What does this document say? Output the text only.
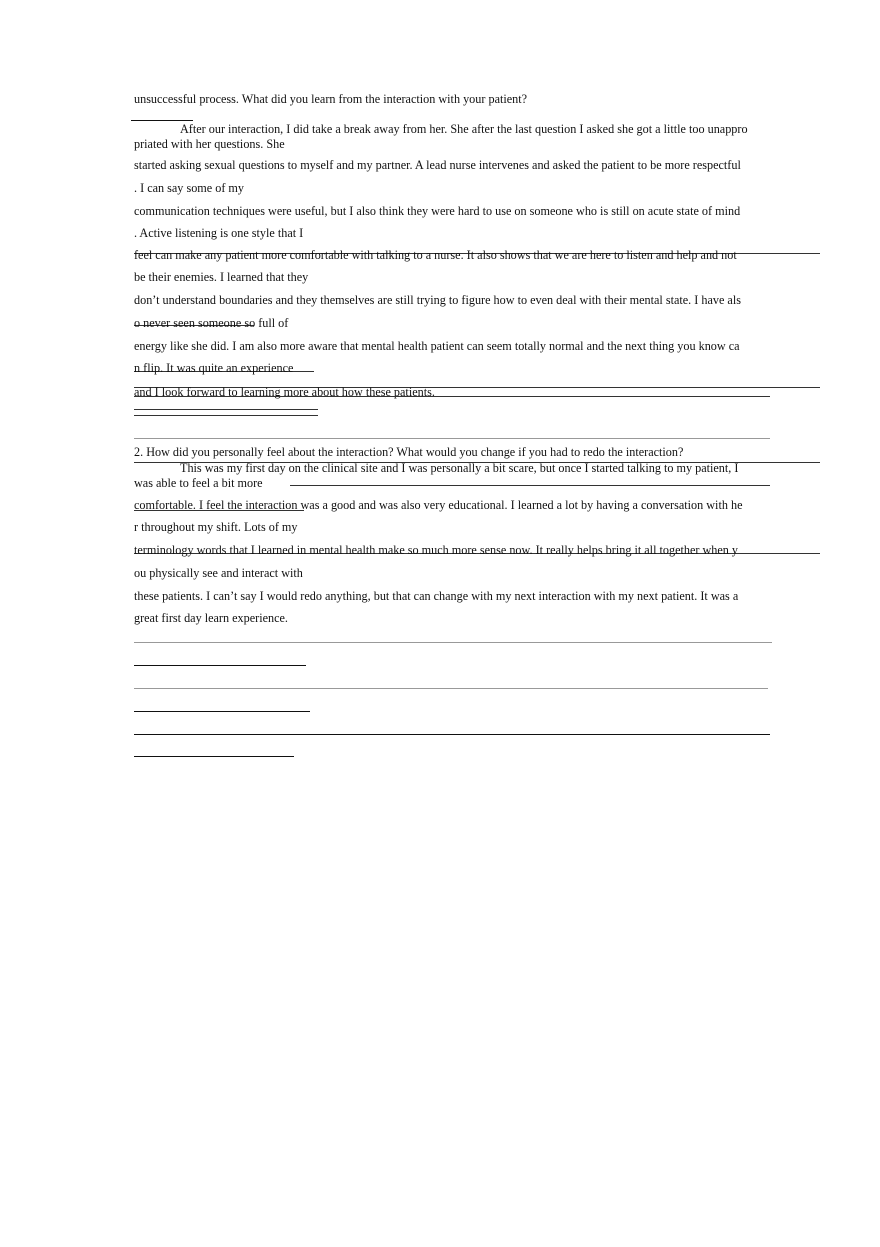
unsuccessful process. What did you learn from the interaction with your patient?

After our interaction, I did take a break away from her. She after the last question I asked she got a little too unappro

priated with her questions. She

started asking sexual questions to myself and my partner. A lead nurse intervenes and asked the patient to be more respectful

. I can say some of my

communication techniques were useful, but I also think they were hard to use on someone who is still on acute state of mind

. Active listening is one style that I

feel can make any patient more comfortable with talking to a nurse. It also shows that we are here to listen and help and not

be their enemies. I learned that they

don’t understand boundaries and they themselves are still trying to figure how to even deal with their mental state. I have als

o never seen someone so full of

energy like she did. I am also more aware that mental health patient can seem totally normal and the next thing you know ca

n flip. It was quite an experience

and I look forward to learning more about how these patients.

2. How did you personally feel about the interaction? What would you change if you had to redo the interaction?

This was my first day on the clinical site and I was personally a bit scare, but once I started talking to my patient, I

was able to feel a bit more

comfortable. I feel the interaction was a good and was also very educational. I learned a lot by having a conversation with he

r throughout my shift. Lots of my

terminology words that I learned in mental health make so much more sense now. It really helps bring it all together when y

ou physically see and interact with

these patients. I can’t say I would redo anything, but that can change with my next interaction with my next patient. It was a

great first day learn experience.
